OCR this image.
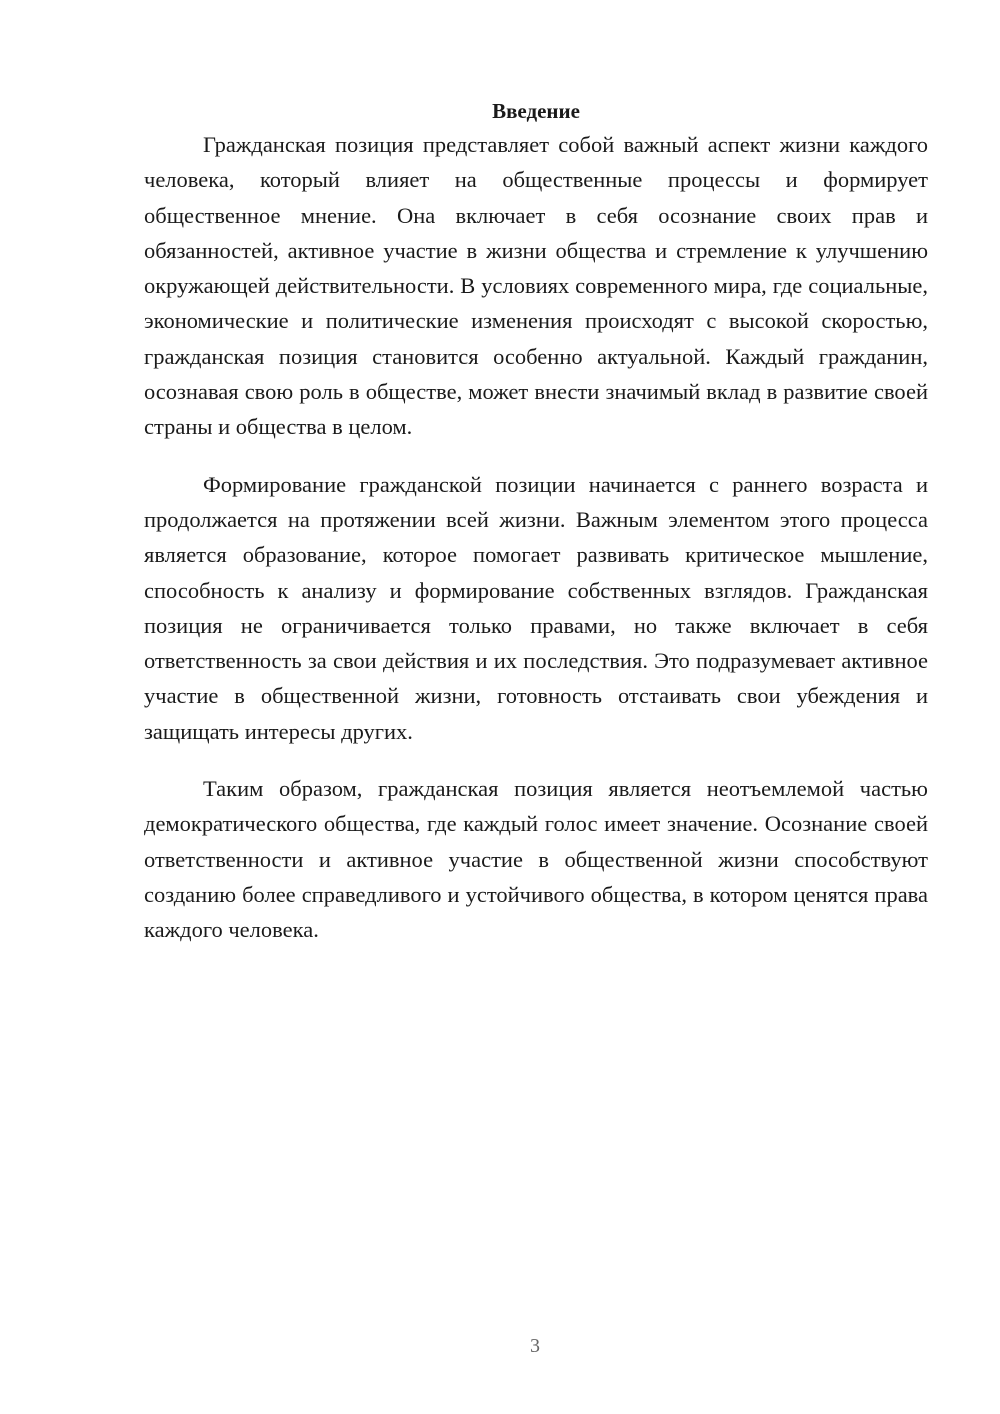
Введение

Гражданская позиция представляет собой важный аспект жизни каждого человека, который влияет на общественные процессы и формирует общественное мнение. Она включает в себя осознание своих прав и обязанностей, активное участие в жизни общества и стремление к улучшению окружающей действительности. В условиях современного мира, где социальные, экономические и политические изменения происходят с высокой скоростью, гражданская позиция становится особенно актуальной. Каждый гражданин, осознавая свою роль в обществе, может внести значимый вклад в развитие своей страны и общества в целом.

Формирование гражданской позиции начинается с раннего возраста и продолжается на протяжении всей жизни. Важным элементом этого процесса является образование, которое помогает развивать критическое мышление, способность к анализу и формирование собственных взглядов. Гражданская позиция не ограничивается только правами, но также включает в себя ответственность за свои действия и их последствия. Это подразумевает активное участие в общественной жизни, готовность отстаивать свои убеждения и защищать интересы других.

Таким образом, гражданская позиция является неотъемлемой частью демократического общества, где каждый голос имеет значение. Осознание своей ответственности и активное участие в общественной жизни способствуют созданию более справедливого и устойчивого общества, в котором ценятся права каждого человека.

3
